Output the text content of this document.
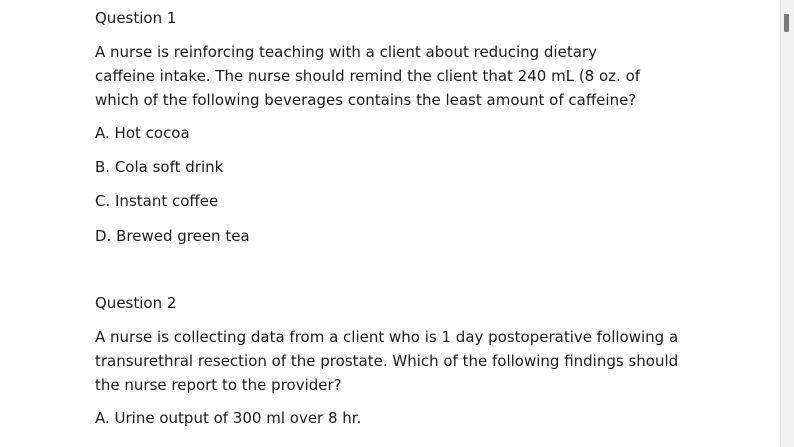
Question 1

A nurse is reinforcing teaching with a client about reducing dietary caffeine intake. The nurse should remind the client that 240 mL (8 oz. of which of the following beverages contains the least amount of caffeine?

A. Hot cocoa

B. Cola soft drink

C. Instant coffee

D. Brewed green tea

Question 2

A nurse is collecting data from a client who is 1 day postoperative following a transurethral resection of the prostate. Which of the following findings should the nurse report to the provider?

A. Urine output of 300 ml over 8 hr.
